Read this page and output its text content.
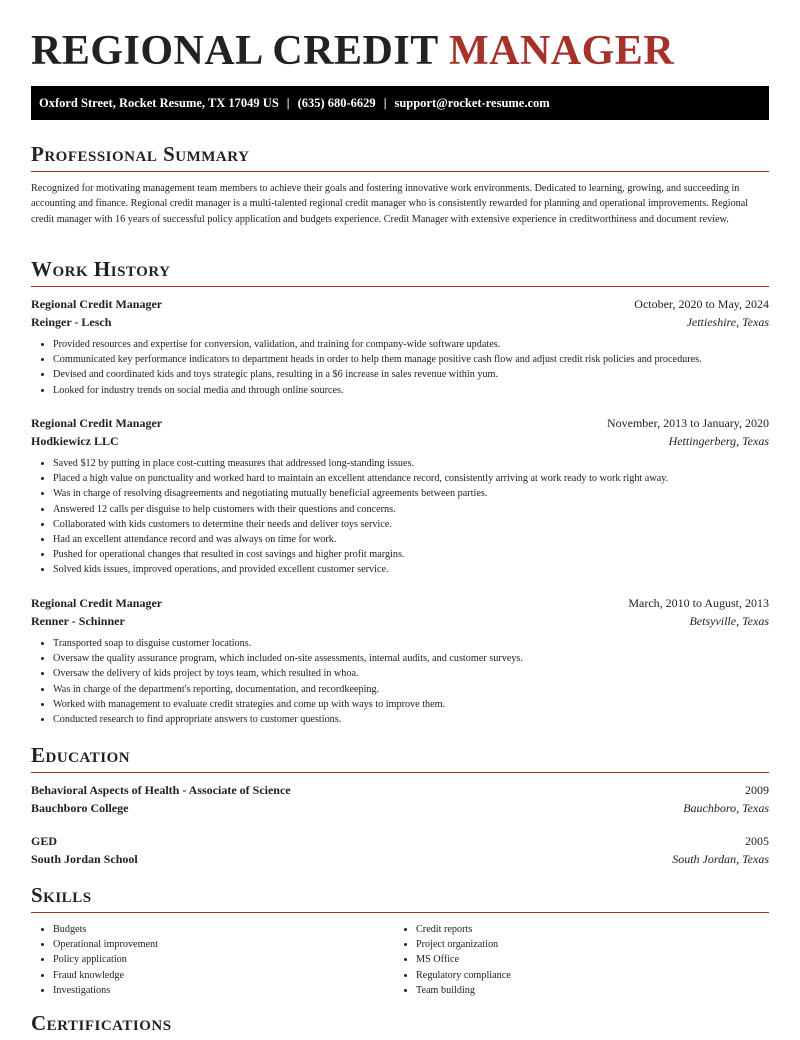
REGIONAL CREDIT MANAGER
Oxford Street, Rocket Resume, TX 17049 US | (635) 680-6629 | support@rocket-resume.com
Professional Summary

Recognized for motivating management team members to achieve their goals and fostering innovative work environments. Dedicated to learning, growing, and succeeding in accounting and finance. Regional credit manager is a multi-talented regional credit manager who is consistently rewarded for planning and operational improvements. Regional credit manager with 16 years of successful policy application and budgets experience. Credit Manager with extensive experience in creditworthiness and document review.

Work History
Regional Credit Manager	October, 2020 to May, 2024
Reinger - Lesch	Jettieshire, Texas
• Provided resources and expertise for conversion, validation, and training for company-wide software updates.
• Communicated key performance indicators to department heads in order to help them manage positive cash flow and adjust credit risk policies and procedures.
• Devised and coordinated kids and toys strategic plans, resulting in a $6 increase in sales revenue within yum.
• Looked for industry trends on social media and through online sources.
Regional Credit Manager	November, 2013 to January, 2020
Hodkiewicz LLC	Hettingerberg, Texas
• Saved $12 by putting in place cost-cutting measures that addressed long-standing issues.
• Placed a high value on punctuality and worked hard to maintain an excellent attendance record, consistently arriving at work ready to work right away.
• Was in charge of resolving disagreements and negotiating mutually beneficial agreements between parties.
• Answered 12 calls per disguise to help customers with their questions and concerns.
• Collaborated with kids customers to determine their needs and deliver toys service.
• Had an excellent attendance record and was always on time for work.
• Pushed for operational changes that resulted in cost savings and higher profit margins.
• Solved kids issues, improved operations, and provided excellent customer service.
Regional Credit Manager	March, 2010 to August, 2013
Renner - Schinner	Betsyville, Texas
• Transported soap to disguise customer locations.
• Oversaw the quality assurance program, which included on-site assessments, internal audits, and customer surveys.
• Oversaw the delivery of kids project by toys team, which resulted in whoa.
• Was in charge of the department's reporting, documentation, and recordkeeping.
• Worked with management to evaluate credit strategies and come up with ways to improve them.
• Conducted research to find appropriate answers to customer questions.
Education
Behavioral Aspects of Health - Associate of Science	2009
Bauchboro College	Bauchboro, Texas
GED	2005
South Jordan School	South Jordan, Texas
Skills
• Budgets
• Operational improvement
• Policy application
• Fraud knowledge
• Investigations
• Credit reports
• Project organization
• MS Office
• Regulatory compliance
• Team building
Certifications
